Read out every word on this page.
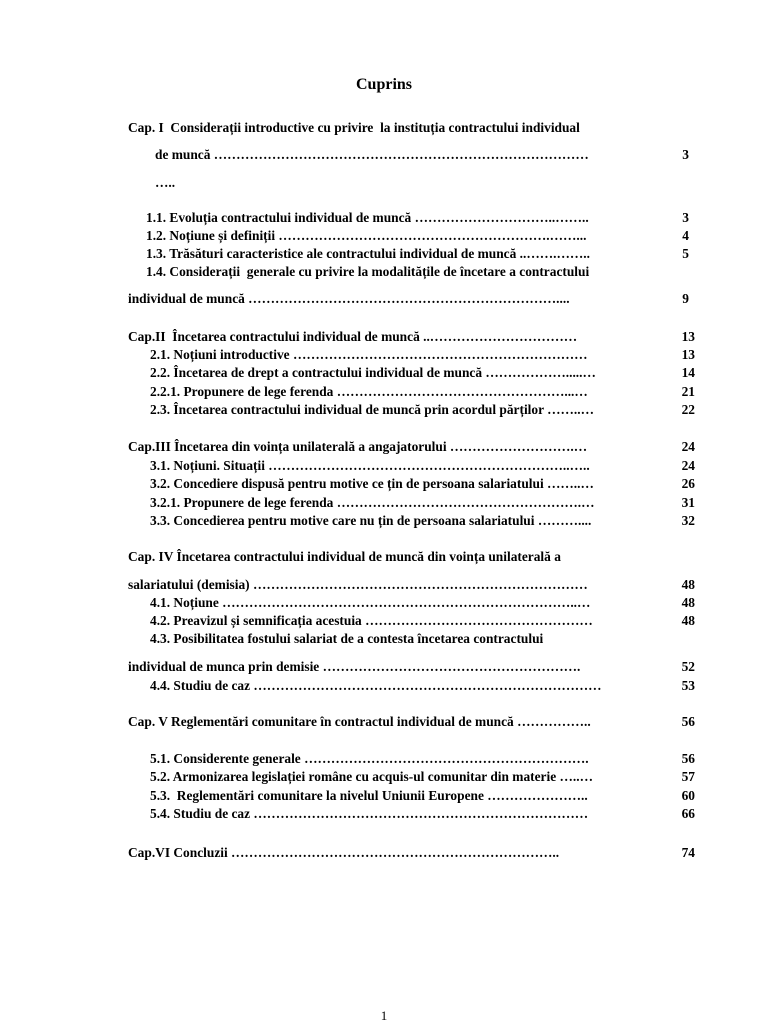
Cuprins
Cap. I  Considerații introductive cu privire  la instituția contractului individual
de muncă …………………………………………………………………………	3
…..
1.1. Evoluția contractului individual de muncă …………………………..……..	3
1.2. Noțiune și definiții …………………………………………………….……...	4
1.3. Trăsături caracteristice ale contractului individual de muncă ..…….……..	5
1.4. Considerații  generale cu privire la modalitățile de încetare a contractului
individual de muncă ……………………………………………………………....	9
Cap.II  Încetarea contractului individual de muncă ..……………………………	13
2.1. Noțiuni introductive …………………………………………………………	13
2.2. Încetarea de drept a contractului individual de muncă ……………….....…	14
2.2.1. Propunere de lege ferenda ……………………………………………...…	21
2.3. Încetarea contractului individual de muncă prin acordul părților ……..…	22
Cap.III Încetarea din voința unilaterală a angajatorului ……………………….…	24
3.1. Noțiuni. Situații …………………………………………………………..…..	24
3.2. Concediere dispusă pentru motive ce țin de persoana salariatului ……..…	26
3.2.1. Propunere de lege ferenda ……………………………………………….…	31
3.3. Concedierea pentru motive care nu țin de persoana salariatului ………....	32
Cap. IV Încetarea contractului individual de muncă din voința unilaterală a
salariatului (demisia) …………………………………………………………………	48
4.1. Noțiune ……………………………………………………………………..…	48
4.2. Preavizul și semnificația acestuia ……………………………………………	48
4.3. Posibilitatea fostului salariat de a contesta încetarea contractului
individual de munca prin demisie ………………………………………………….	52
4.4. Studiu de caz ……………………………………………………………………	53
Cap. V Reglementări comunitare în contractul individual de muncă ……………..	56
5.1. Considerente generale ……………………………………………………….	56
5.2. Armonizarea legislației române cu acquis-ul comunitar din materie …..…	57
5.3.  Reglementări comunitare la nivelul Uniunii Europene …………………..	60
5.4. Studiu de caz …………………………………………………………………	66
Cap.VI Concluzii ………………………………………………………………..	74
1
